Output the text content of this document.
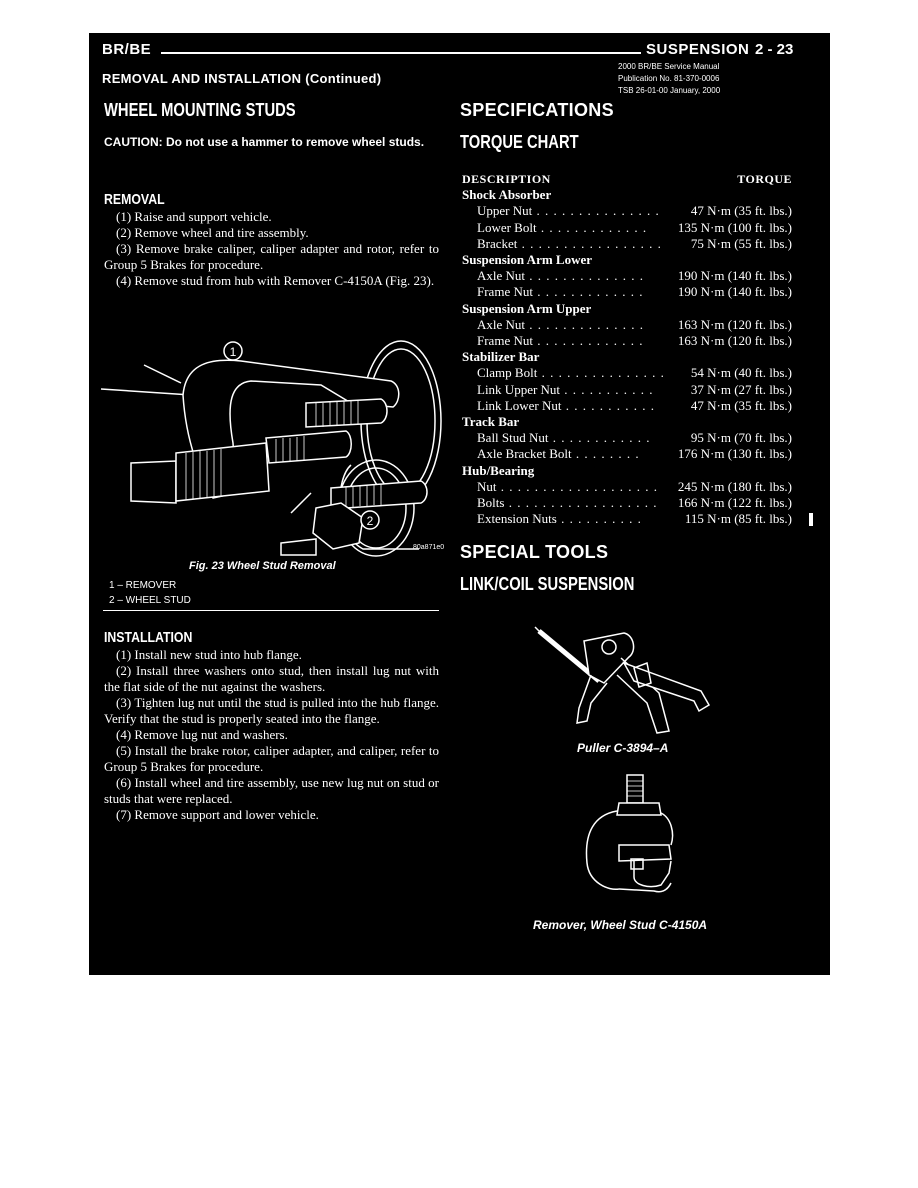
BR/BE	SUSPENSION 2 - 23
2000 BR/BE Service Manual
Publication No. 81-370-0006
TSB 26-01-00 January, 2000
REMOVAL AND INSTALLATION (Continued)
WHEEL MOUNTING STUDS
CAUTION: Do not use a hammer to remove wheel studs.
REMOVAL

(1) Raise and support vehicle.

(2) Remove wheel and tire assembly.

(3) Remove brake caliper, caliper adapter and rotor, refer to Group 5 Brakes for procedure.

(4) Remove stud from hub with Remover C-4150A (Fig. 23).

1
2
80a871e0
Fig. 23 Wheel Stud Removal
1 – REMOVER
2 – WHEEL STUD
INSTALLATION

(1) Install new stud into hub flange.

(2) Install three washers onto stud, then install lug nut with the flat side of the nut against the washers.

(3) Tighten lug nut until the stud is pulled into the hub flange. Verify that the stud is properly seated into the flange.

(4) Remove lug nut and washers.

(5) Install the brake rotor, caliper adapter, and caliper, refer to Group 5 Brakes for procedure.

(6) Install wheel and tire assembly, use new lug nut on stud or studs that were replaced.

(7) Remove support and lower vehicle.

SPECIFICATIONS
TORQUE CHART
DESCRIPTION	TORQUE
Shock Absorber	
Upper Nut . . . . . . . . . . . . . . .	47 N·m (35 ft. lbs.)
Lower Bolt . . . . . . . . . . . . .	135 N·m (100 ft. lbs.)
Bracket . . . . . . . . . . . . . . . . .	75 N·m (55 ft. lbs.)
Suspension Arm Lower	
Axle Nut . . . . . . . . . . . . . .	190 N·m (140 ft. lbs.)
Frame Nut . . . . . . . . . . . . .	190 N·m (140 ft. lbs.)
Suspension Arm Upper	
Axle Nut . . . . . . . . . . . . . .	163 N·m (120 ft. lbs.)
Frame Nut . . . . . . . . . . . . .	163 N·m (120 ft. lbs.)
Stabilizer Bar	
Clamp Bolt . . . . . . . . . . . . . . .	54 N·m (40 ft. lbs.)
Link Upper Nut . . . . . . . . . . .	37 N·m (27 ft. lbs.)
Link Lower Nut . . . . . . . . . . .	47 N·m (35 ft. lbs.)
Track Bar	
Ball Stud Nut . . . . . . . . . . . .	95 N·m (70 ft. lbs.)
Axle Bracket Bolt . . . . . . . .	176 N·m (130 ft. lbs.)
Hub/Bearing	
Nut . . . . . . . . . . . . . . . . . . .	245 N·m (180 ft. lbs.)
Bolts . . . . . . . . . . . . . . . . . .	166 N·m (122 ft. lbs.)
Extension Nuts . . . . . . . . . .	115 N·m (85 ft. lbs.)
SPECIAL TOOLS
LINK/COIL SUSPENSION
Puller C-3894–A
Remover, Wheel Stud C-4150A
